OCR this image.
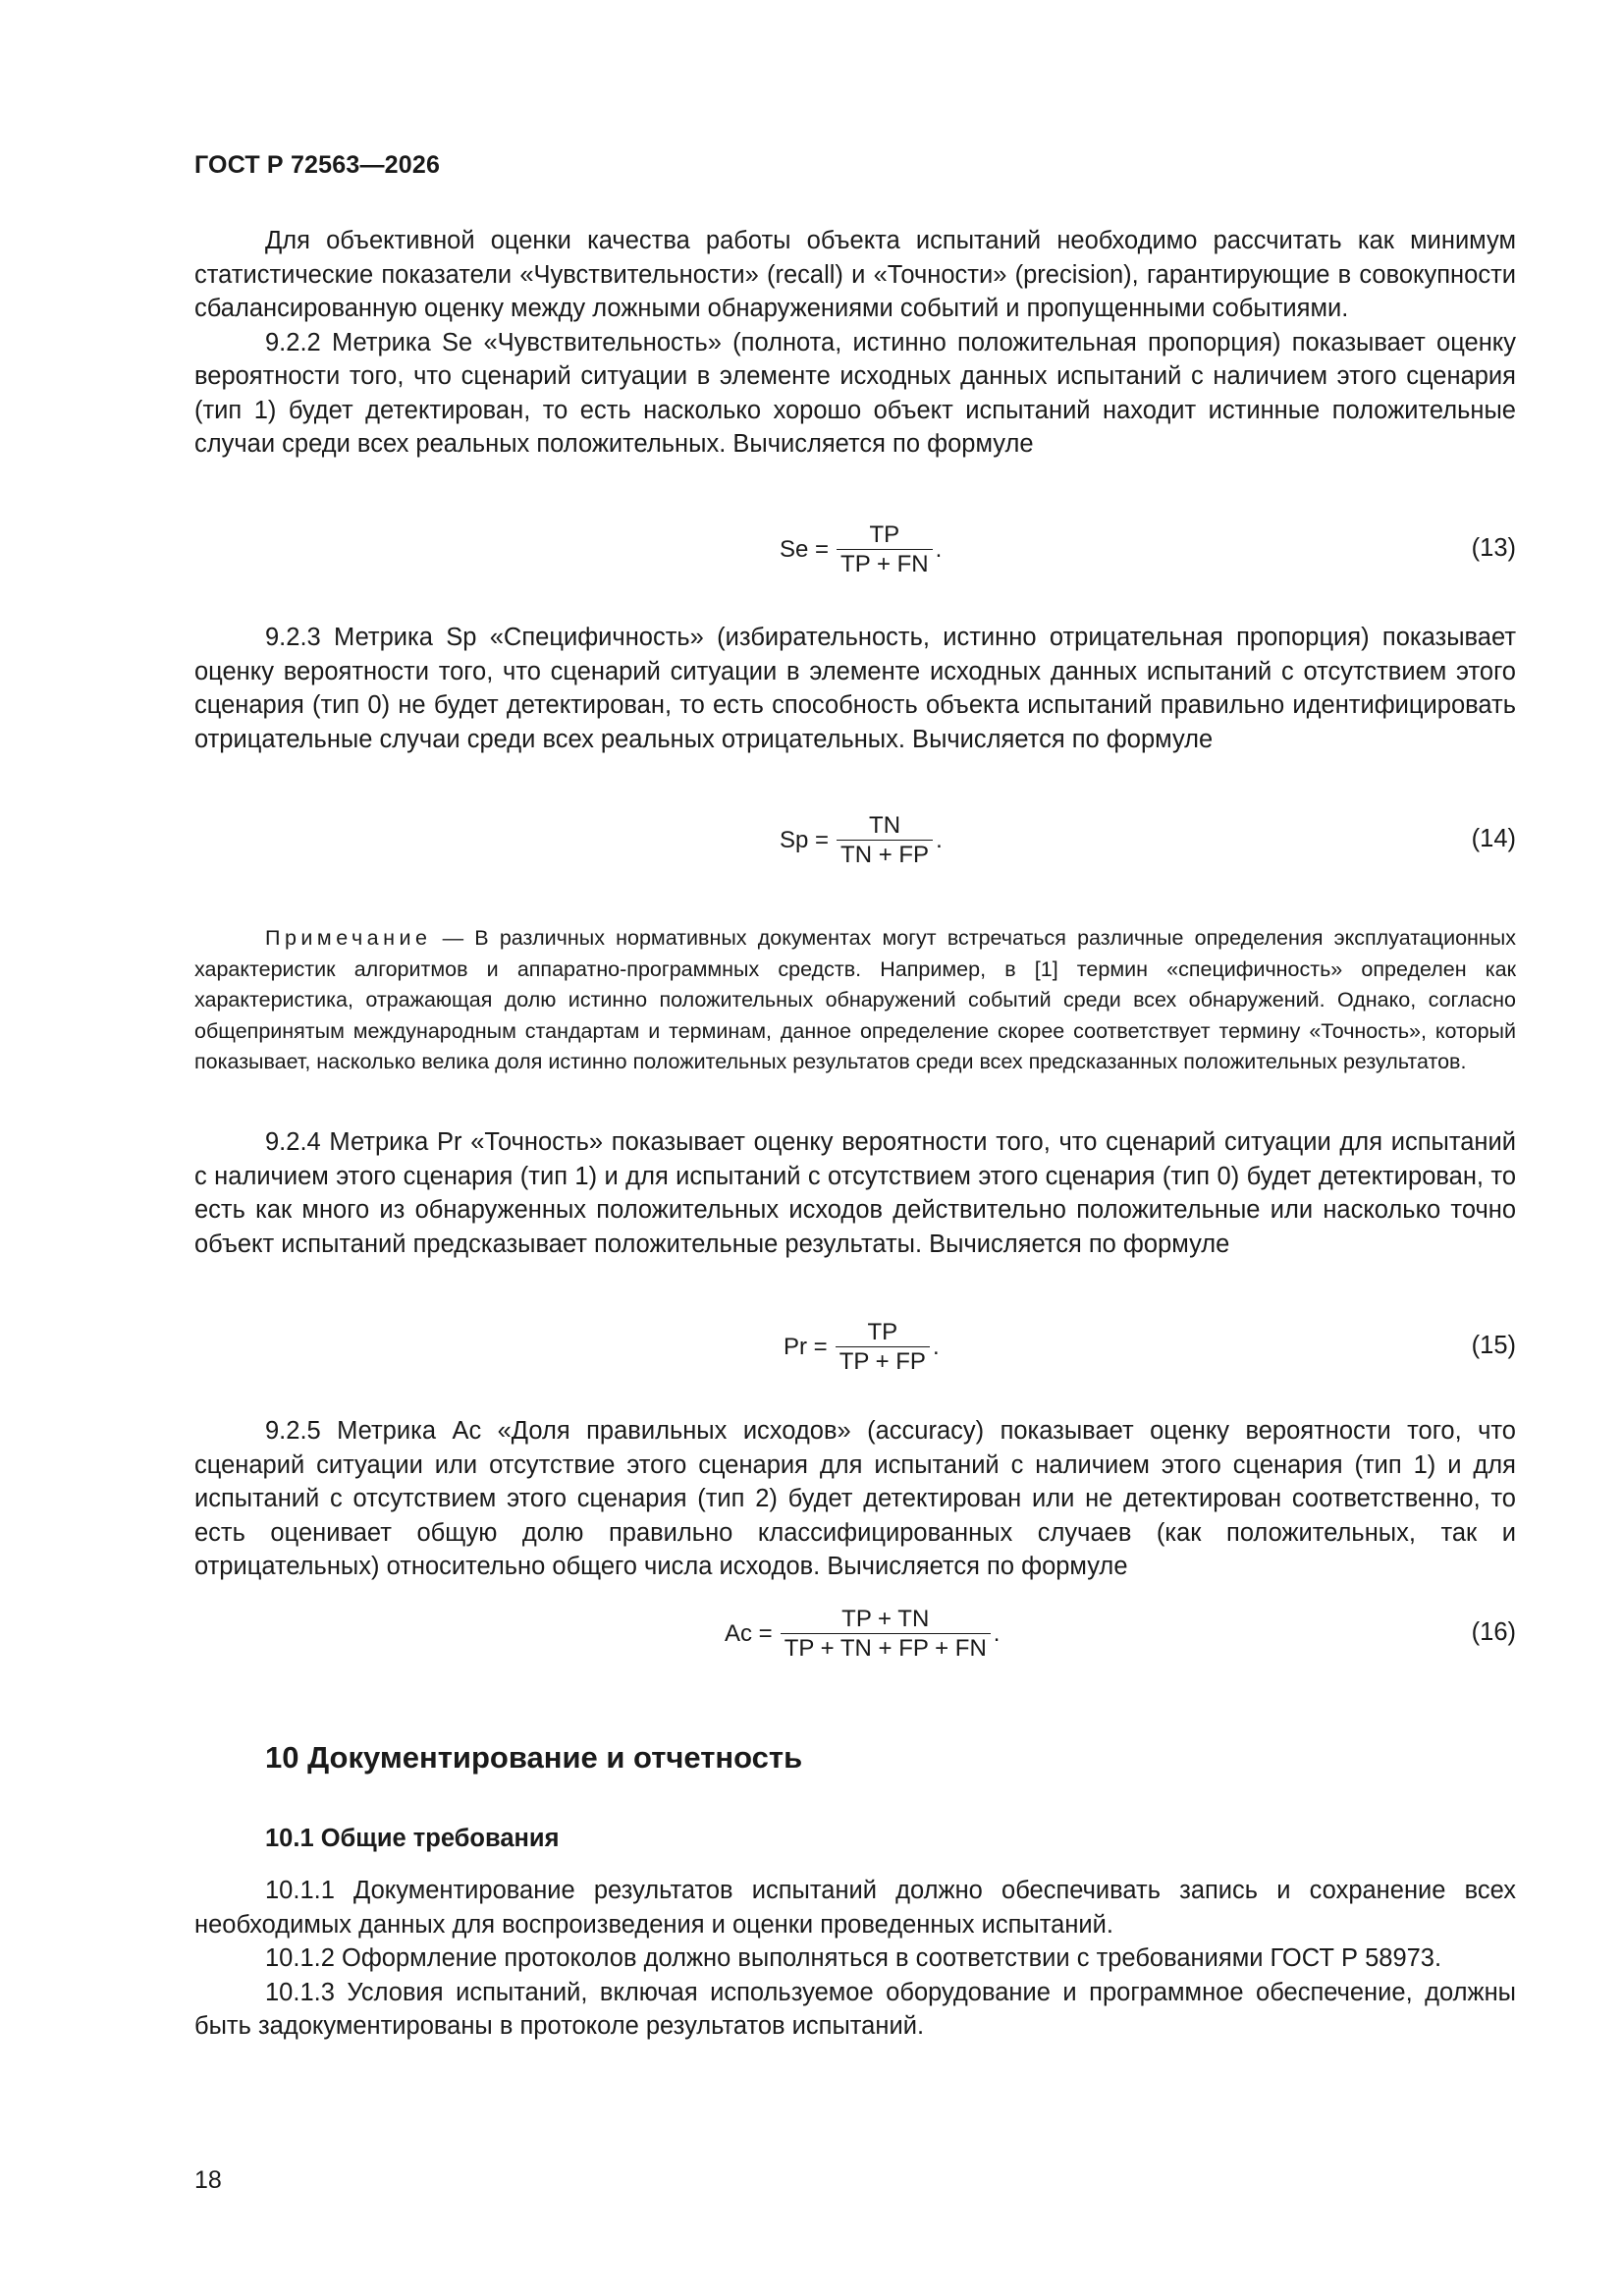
ГОСТ Р 72563—2026

Для объективной оценки качества работы объекта испытаний необходимо рассчитать как минимум статистические показатели «Чувствительности» (recall) и «Точности» (precision), гарантирующие в совокупности сбалансированную оценку между ложными обнаружениями событий и пропущенными событиями.

9.2.2 Метрика Se «Чувствительность» (полнота, истинно положительная пропорция) показывает оценку вероятности того, что сценарий ситуации в элементе исходных данных испытаний с наличием этого сценария (тип 1) будет детектирован, то есть насколько хорошо объект испытаний находит истинные положительные случаи среди всех реальных положительных. Вычисляется по формуле

$Se = \frac{TP}{TP + FN}$ .	(13)

9.2.3 Метрика Sp «Специфичность» (избирательность, истинно отрицательная пропорция) показывает оценку вероятности того, что сценарий ситуации в элементе исходных данных испытаний с отсутствием этого сценария (тип 0) не будет детектирован, то есть способность объекта испытаний правильно идентифицировать отрицательные случаи среди всех реальных отрицательных. Вычисляется по формуле

$Sp = \frac{TN}{TN + FP}$ .	(14)

Примечание — В различных нормативных документах могут встречаться различные определения эксплуатационных характеристик алгоритмов и аппаратно-программных средств. Например, в [1] термин «специфичность» определен как характеристика, отражающая долю истинно положительных обнаружений событий среди всех обнаружений. Однако, согласно общепринятым международным стандартам и терминам, данное определение скорее соответствует термину «Точность», который показывает, насколько велика доля истинно положительных результатов среди всех предсказанных положительных результатов.

9.2.4 Метрика Pr «Точность» показывает оценку вероятности того, что сценарий ситуации для испытаний с наличием этого сценария (тип 1) и для испытаний с отсутствием этого сценария (тип 0) будет детектирован, то есть как много из обнаруженных положительных исходов действительно положительные или насколько точно объект испытаний предсказывает положительные результаты. Вычисляется по формуле

$Pr = \frac{TP}{TP + FP}$ .	(15)

9.2.5 Метрика Ac «Доля правильных исходов» (accuracy) показывает оценку вероятности того, что сценарий ситуации или отсутствие этого сценария для испытаний с наличием этого сценария (тип 1) и для испытаний с отсутствием этого сценария (тип 2) будет детектирован или не детектирован соответственно, то есть оценивает общую долю правильно классифицированных случаев (как положительных, так и отрицательных) относительно общего числа исходов. Вычисляется по формуле

$Ac = \frac{TP + TN}{TP + TN + FP + FN}$ .	(16)
10 Документирование и отчетность
10.1 Общие требования

10.1.1 Документирование результатов испытаний должно обеспечивать запись и сохранение всех необходимых данных для воспроизведения и оценки проведенных испытаний.

10.1.2 Оформление протоколов должно выполняться в соответствии с требованиями ГОСТ Р 58973.

10.1.3 Условия испытаний, включая используемое оборудование и программное обеспечение, должны быть задокументированы в протоколе результатов испытаний.

18
